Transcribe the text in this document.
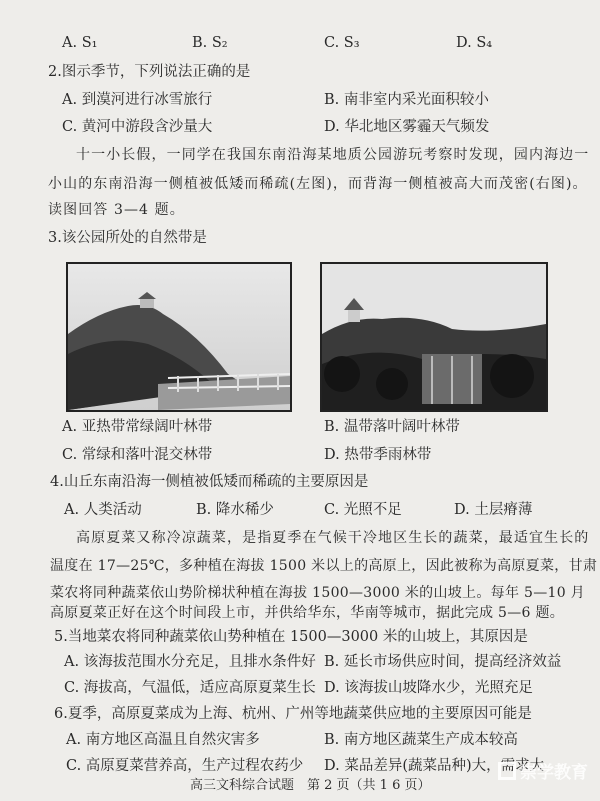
A. S₁	B. S₂	C. S₃	D. S₄
2.图示季节，下列说法正确的是
A. 到漠河进行冰雪旅行	B. 南非室内采光面积较小
C. 黄河中游段含沙量大	D. 华北地区雾霾天气频发
十一小长假，一同学在我国东南沿海某地质公园游玩考察时发现，园内海边一
小山的东南沿海一侧植被低矮而稀疏(左图)，而背海一侧植被高大而茂密(右图)。
读图回答 3—4 题。
3.该公园所处的自然带是
A. 亚热带常绿阔叶林带	B. 温带落叶阔叶林带
C. 常绿和落叶混交林带	D. 热带季雨林带
4.山丘东南沿海一侧植被低矮而稀疏的主要原因是
A. 人类活动	B. 降水稀少	C. 光照不足	D. 土层瘠薄
高原夏菜又称冷凉蔬菜，是指夏季在气候干冷地区生长的蔬菜，最适宜生长的
温度在 17—25℃，多种植在海拔 1500 米以上的高原上，因此被称为高原夏菜，甘肃
菜农将同种蔬菜依山势阶梯状种植在海拔 1500—3000 米的山坡上。每年 5—10 月
高原夏菜正好在这个时间段上市，并供给华东，华南等城市，据此完成 5—6 题。
5.当地菜农将同种蔬菜依山势种植在 1500—3000 米的山坡上，其原因是
A. 该海拔范围水分充足，且排水条件好 B. 延长市场供应时间，提高经济效益
C. 海拔高，气温低，适应高原夏菜生长 D. 该海拔山坡降水少，光照充足
6.夏季，高原夏菜成为上海、杭州、广州等地蔬菜供应地的主要原因可能是
A. 南方地区高温且自然灾害多	B. 南方地区蔬菜生产成本较高
C. 高原夏菜营养高，生产过程农药少 D. 菜品差异(蔬菜品种)大，需求大
高三文科综合试题　第 2 页（共 1 6 页）
崇学教育
